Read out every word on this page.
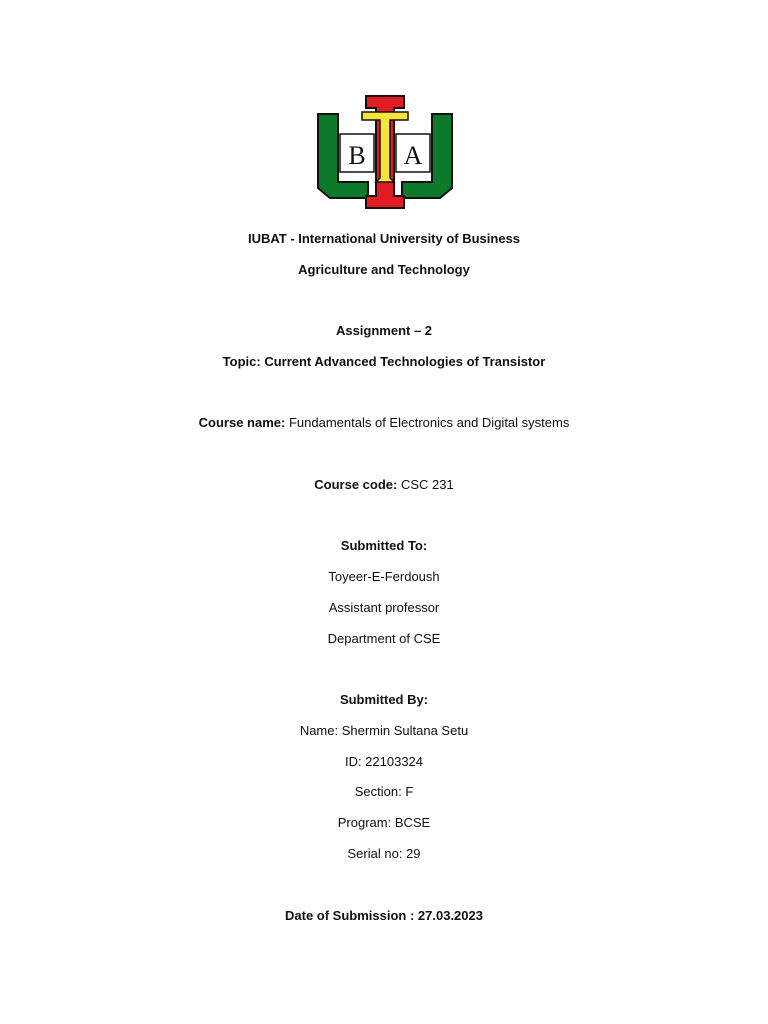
B A
IUBAT - International University of Business
Agriculture and Technology
Assignment – 2
Topic: Current Advanced Technologies of Transistor
Course name: Fundamentals of Electronics and Digital systems
Course code: CSC 231
Submitted To:
Toyeer-E-Ferdoush
Assistant professor
Department of CSE
Submitted By:
Name: Shermin Sultana Setu
ID: 22103324
Section: F
Program: BCSE
Serial no: 29
Date of Submission : 27.03.2023
